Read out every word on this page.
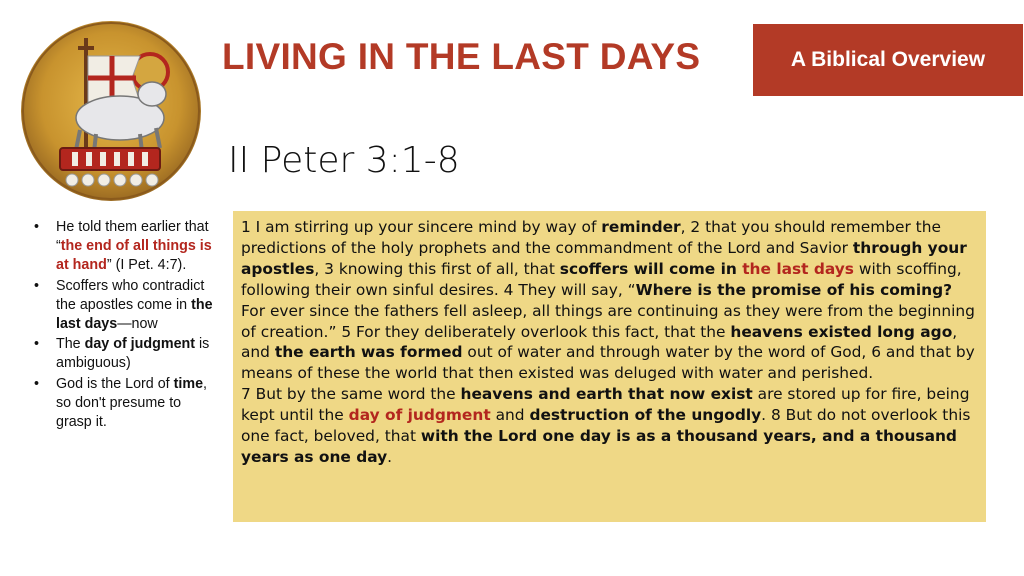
LIVING IN THE LAST DAYS	A Biblical Overview
II Peter 3:1-8
• He told them earlier that “the end of all things is at hand” (I Pet. 4:7).
• Scoffers who contradict the apostles come in the last days—now
• The day of judgment is ambiguous)
• God is the Lord of time, so don't presume to grasp it.
1 I am stirring up your sincere mind by way of reminder, 2 that you should remember the predictions of the holy prophets and the commandment of the Lord and Savior through your apostles, 3 knowing this first of all, that scoffers will come in the last days with scoffing, following their own sinful desires. 4 They will say, “Where is the promise of his coming? For ever since the fathers fell asleep, all things are continuing as they were from the beginning of creation.” 5 For they deliberately overlook this fact, that the heavens existed long ago, and the earth was formed out of water and through water by the word of God, 6 and that by means of these the world that then existed was deluged with water and perished.
7 But by the same word the heavens and earth that now exist are stored up for fire, being kept until the day of judgment and destruction of the ungodly. 8 But do not overlook this one fact, beloved, that with the Lord one day is as a thousand years, and a thousand years as one day.
